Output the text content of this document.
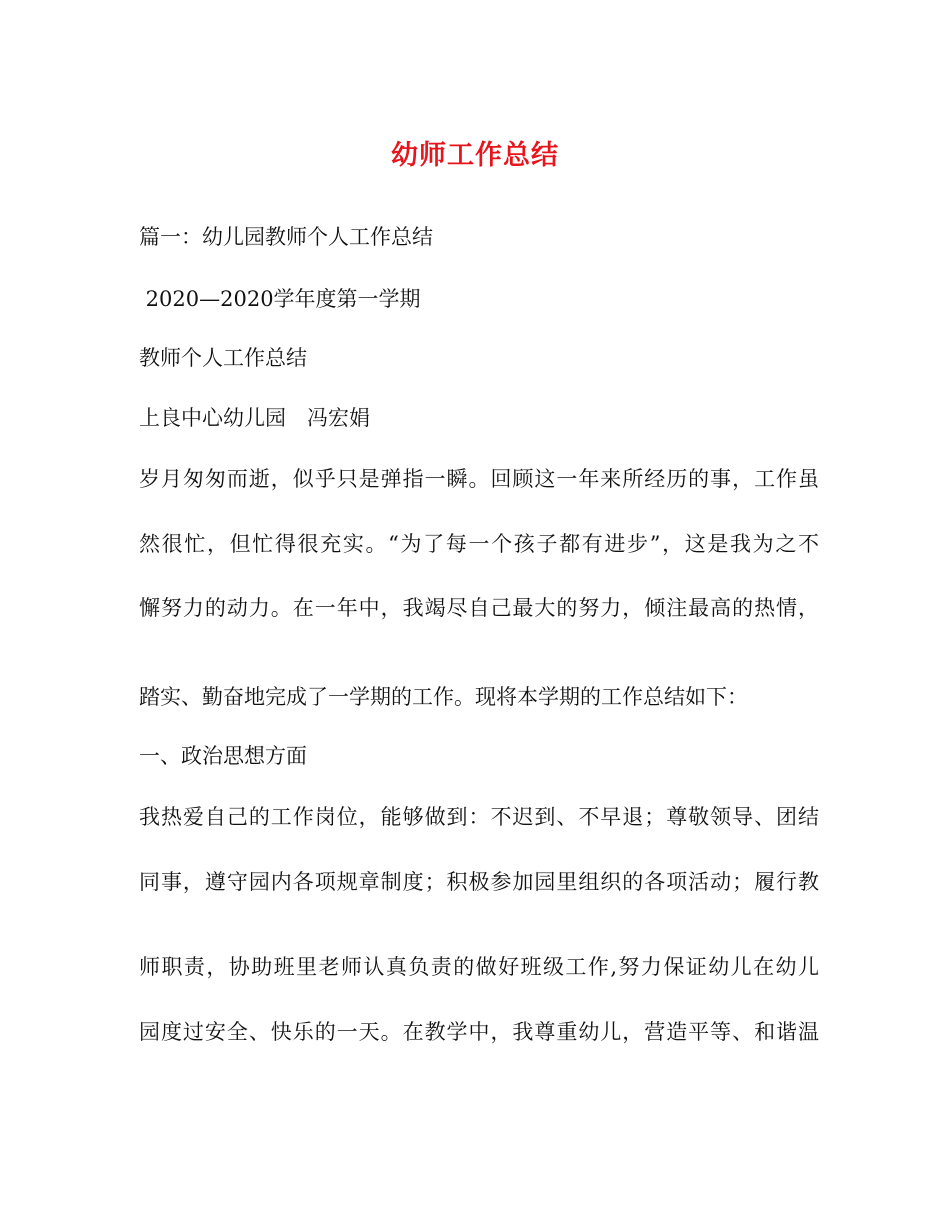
幼师工作总结
篇一：幼儿园教师个人工作总结
2020—2020学年度第一学期
教师个人工作总结
上良中心幼儿园　冯宏娟
岁月匆匆而逝，似乎只是弹指一瞬。回顾这一年来所经历的事，工作虽
然很忙，但忙得很充实。“为了每一个孩子都有进步”，这是我为之不
懈努力的动力。在一年中，我竭尽自己最大的努力，倾注最高的热情，
踏实、勤奋地完成了一学期的工作。现将本学期的工作总结如下：
一、政治思想方面
我热爱自己的工作岗位，能够做到：不迟到、不早退；尊敬领导、团结
同事，遵守园内各项规章制度；积极参加园里组织的各项活动；履行教
师职责，协助班里老师认真负责的做好班级工作,努力保证幼儿在幼儿
园度过安全、快乐的一天。在教学中，我尊重幼儿，营造平等、和谐温
